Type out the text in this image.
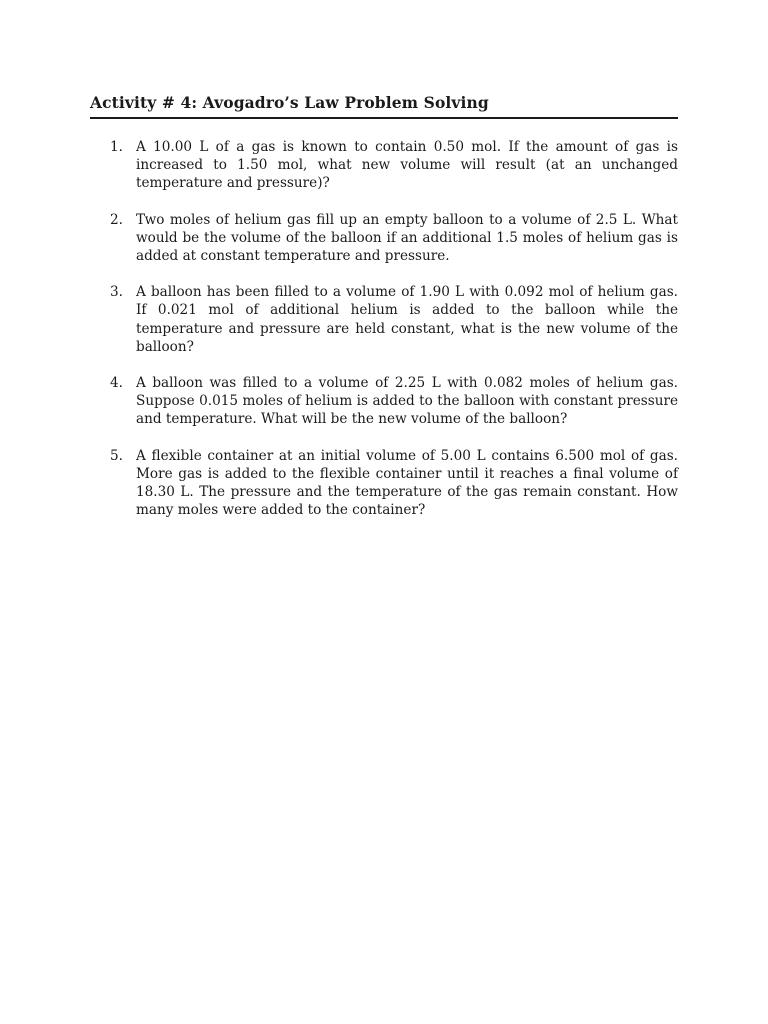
Activity # 4: Avogadro’s Law Problem Solving
1. A 10.00 L of a gas is known to contain 0.50 mol. If the amount of gas is increased to 1.50 mol, what new volume will result (at an unchanged temperature and pressure)?
2. Two moles of helium gas fill up an empty balloon to a volume of 2.5 L. What would be the volume of the balloon if an additional 1.5 moles of helium gas is added at constant temperature and pressure.
3. A balloon has been filled to a volume of 1.90 L with 0.092 mol of helium gas. If 0.021 mol of additional helium is added to the balloon while the temperature and pressure are held constant, what is the new volume of the balloon?
4. A balloon was filled to a volume of 2.25 L with 0.082 moles of helium gas. Suppose 0.015 moles of helium is added to the balloon with constant pressure and temperature. What will be the new volume of the balloon?
5. A flexible container at an initial volume of 5.00 L contains 6.500 mol of gas. More gas is added to the flexible container until it reaches a final volume of 18.30 L. The pressure and the temperature of the gas remain constant. How many moles were added to the container?
